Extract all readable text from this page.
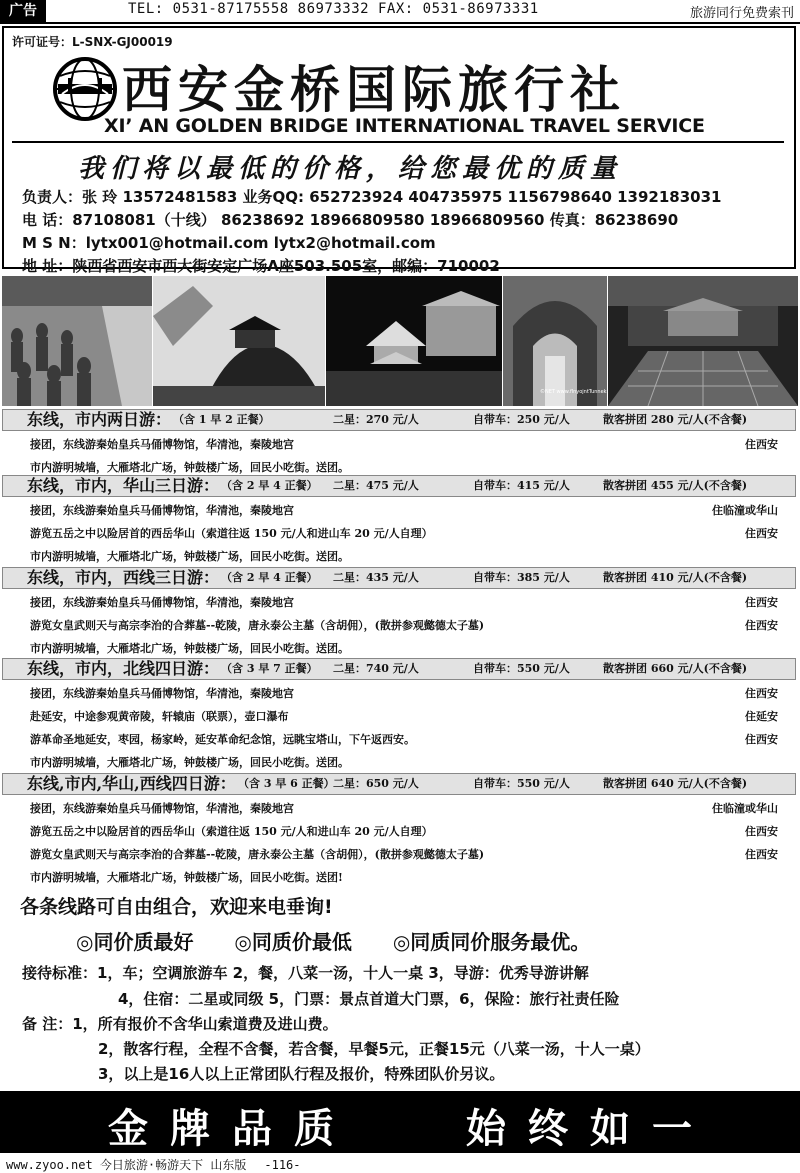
广告	TEL: 0531-87175558 86973332 FAX: 0531-86973331	旅游同行免费索刊
许可证号：L-SNX-GJ00019
西安金桥国际旅行社
XI’ AN GOLDEN BRIDGE INTERNATIONAL TRAVEL SERVICE
我们将以最低的价格，给您最优的质量
负责人：张 玲 13572481583 业务QQ: 652723924 404735975 1156798640 1392183031
电 话：87108081（十线） 86238692 18966809580 18966809560 传真：86238690
M S N：lytx001@hotmail.com lytx2@hotmail.com
地 址：陕西省西安市西大街安定广场A座503.505室，邮编：710002
©NET www.flnyojntTunnek
东线，市内两日游： （含 1 早 2 正餐）	二星：270 元/人	自带车：250 元/人	散客拼团 280 元/人(不含餐)
接团，东线游秦始皇兵马俑博物馆，华清池，秦陵地宫	住西安
市内游明城墙，大雁塔北广场，钟鼓楼广场，回民小吃街。送团。
东线，市内，华山三日游： （含 2 早 4 正餐） 二星：475 元/人	自带车：415 元/人	散客拼团 455 元/人(不含餐)
接团，东线游秦始皇兵马俑博物馆，华清池，秦陵地宫	住临潼或华山
游览五岳之中以险居首的西岳华山（索道往返 150 元/人和进山车 20 元/人自理）	住西安
市内游明城墙，大雁塔北广场，钟鼓楼广场，回民小吃街。送团。
东线，市内，西线三日游： （含 2 早 4 正餐） 二星：435 元/人	自带车：385 元/人	散客拼团 410 元/人(不含餐)
接团，东线游秦始皇兵马俑博物馆，华清池，秦陵地宫	住西安
游览女皇武则天与高宗李治的合葬墓--乾陵，唐永泰公主墓（含胡佣），(散拼参观懿德太子墓)	住西安
市内游明城墙，大雁塔北广场，钟鼓楼广场，回民小吃街。送团。
东线，市内，北线四日游： （含 3 早 7 正餐） 二星：740 元/人	自带车：550 元/人	散客拼团 660 元/人(不含餐)
接团，东线游秦始皇兵马俑博物馆，华清池，秦陵地宫	住西安
赴延安，中途参观黄帝陵，轩辕庙（联票），壶口瀑布	住延安
游革命圣地延安，枣园，杨家岭，延安革命纪念馆，远眺宝塔山，下午返西安。	住西安
市内游明城墙，大雁塔北广场，钟鼓楼广场，回民小吃街。送团。
东线,市内,华山,西线四日游： （含 3 早 6 正餐）
二星：650 元/人	自带车：550 元/人	散客拼团 640 元/人(不含餐)
接团，东线游秦始皇兵马俑博物馆，华清池，秦陵地宫	住临潼或华山
游览五岳之中以险居首的西岳华山（索道往返 150 元/人和进山车 20 元/人自理）	住西安
游览女皇武则天与高宗李治的合葬墓--乾陵，唐永泰公主墓（含胡佣），(散拼参观懿德太子墓)	住西安
市内游明城墙，大雁塔北广场，钟鼓楼广场，回民小吃街。送团!
各条线路可自由组合，欢迎来电垂询!
◎同价质最好 ◎同质价最低 ◎同质同价服务最优。
接待标准：1，车；空调旅游车 2，餐，八菜一汤，十人一桌 3，导游：优秀导游讲解
4，住宿：二星或同级 5，门票：景点首道大门票，6，保险：旅行社责任险
备 注：1，所有报价不含华山索道费及进山费。
2，散客行程，全程不含餐，若含餐，早餐5元，正餐15元（八菜一汤，十人一桌）
3，以上是16人以上正常团队行程及报价，特殊团队价另议。
金牌品质	始终如一
www.zyoo.net 今日旅游·畅游天下 山东版 -116-
